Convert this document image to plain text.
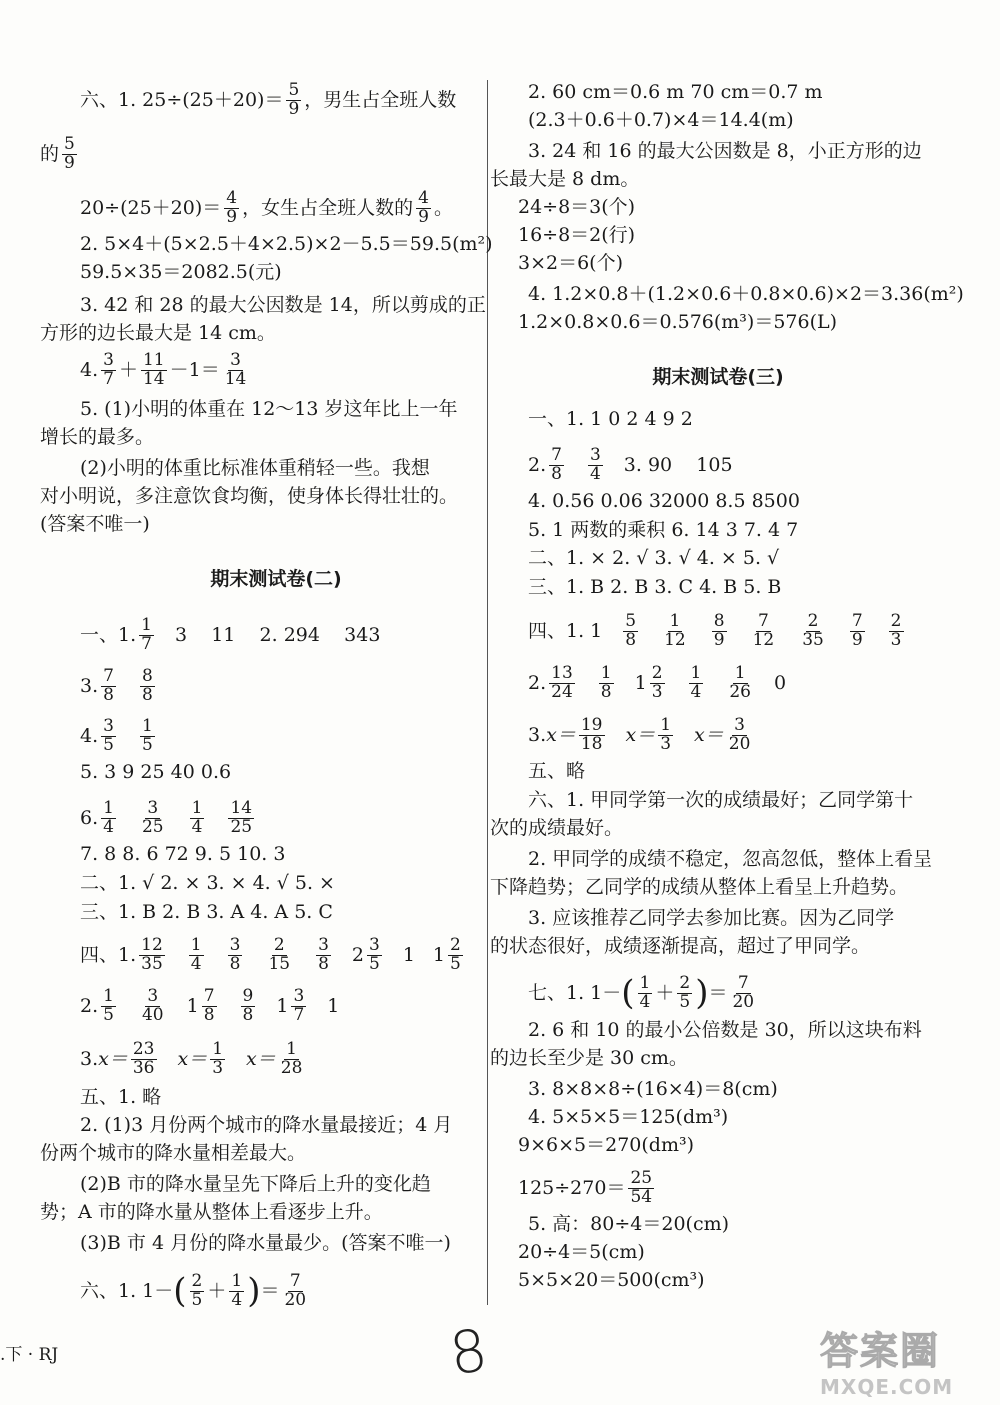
六、1. $25\div(25+20)= \frac{5}{9}$ ，男生占全班人数
的 $\frac{5}{9}$
$20\div(25+20)= \frac{4}{9}$ ，女生占全班人数的 $\frac{4}{9}$ 。
2. 5×4＋(5×2.5＋4×2.5)×2－5.5＝59.5(m²)
59.5×35＝2082.5(元)
3. 42 和 28 的最大公因数是 14，所以剪成的正
方形的边长最大是 14 cm。
4. $\frac{3}{7} + \frac{11}{14} -1= \frac{3}{14}$
5. (1)小明的体重在 12～13 岁这年比上一年
增长的最多。
(2)小明的体重比标准体重稍轻一些。我想
对小明说，多注意饮食均衡，使身体长得壮壮的。
(答案不唯一)
期末测试卷(二)
一、1. $\frac{1}{7} 3$    11    2. 294    343
3. $\frac{7}{8} \frac{8}{8}$
4. $\frac{3}{5} \frac{1}{5}$
5. 3 9 25 40 0.6
6. $\frac{1}{4} \frac{3}{25} \frac{1}{4} \frac{14}{25}$
7. 8 8. 6 72 9. 5 10. 3
二、1. √ 2. × 3. × 4. √ 5. ×
三、1. B 2. B 3. A 4. A 5. C
四、1. $\frac{12}{35} \frac{1}{4} \frac{3}{8} \frac{2}{15} \frac{3}{8} 2 \frac{3}{5} 1$ $1 \frac{2}{5}$
2. $\frac{1}{5} \frac{3}{40} 1 \frac{7}{8} \frac{9}{8} 1 \frac{3}{7} 1$
3. $x= \frac{23}{36} x= \frac{1}{3} x= \frac{1}{28}$
五、1. 略
2. (1)3 月份两个城市的降水量最接近；4 月
份两个城市的降水量相差最大。
(2)B 市的降水量呈先下降后上升的变化趋
势；A 市的降水量从整体上看逐步上升。
(3)B 市 4 月份的降水量最少。(答案不唯一)
六、1. 1－ ( $\frac{2}{5} + \frac{1}{4}$ ) ＝ $\frac{7}{20}$
2. 60 cm＝0.6 m 70 cm＝0.7 m
(2.3＋0.6＋0.7)×4＝14.4(m)
3. 24 和 16 的最大公因数是 8，小正方形的边
长最大是 8 dm。
24÷8＝3(个)
16÷8＝2(行)
3×2＝6(个)
4. 1.2×0.8＋(1.2×0.6＋0.8×0.6)×2＝3.36(m²)
1.2×0.8×0.6＝0.576(m³)＝576(L)
期末测试卷(三)
一、1. 1 0 2 4 9 2
2. $\frac{7}{8} \frac{3}{4} 3$. 90    105
4. 0.56 0.06 32000 8.5 8500
5. 1 两数的乘积 6. 14 3 7. 4 7
二、1. × 2. √ 3. √ 4. × 5. √
三、1. B 2. B 3. C 4. B 5. B
四、1. $1 \frac{5}{8} \frac{1}{12} \frac{8}{9} \frac{7}{12} \frac{2}{35} \frac{7}{9} \frac{2}{3}$
2. $\frac{13}{24} \frac{1}{8} 1 \frac{2}{3} \frac{1}{4} \frac{1}{26} 0$
3. $x= \frac{19}{18} x= \frac{1}{3} x= \frac{3}{20}$
五、略
六、1. 甲同学第一次的成绩最好；乙同学第十
次的成绩最好。
2. 甲同学的成绩不稳定，忽高忽低，整体上看呈
下降趋势；乙同学的成绩从整体上看呈上升趋势。
3. 应该推荐乙同学去参加比赛。因为乙同学
的状态很好，成绩逐渐提高，超过了甲同学。
七、1. 1－ ( $\frac{1}{4} + \frac{2}{5}$ ) ＝ $\frac{7}{20}$
2. 6 和 10 的最小公倍数是 30，所以这块布料
的边长至少是 30 cm。
3. 8×8×8÷(16×4)＝8(cm)
4. 5×5×5＝125(dm³)
9×6×5＝270(dm³)
$125\div 270= \frac{25}{54}$
5. 高：80÷4＝20(cm)
20÷4＝5(cm)
5×5×20＝500(cm³)
.下 · RJ	8	答案圈
MXQE.COM
